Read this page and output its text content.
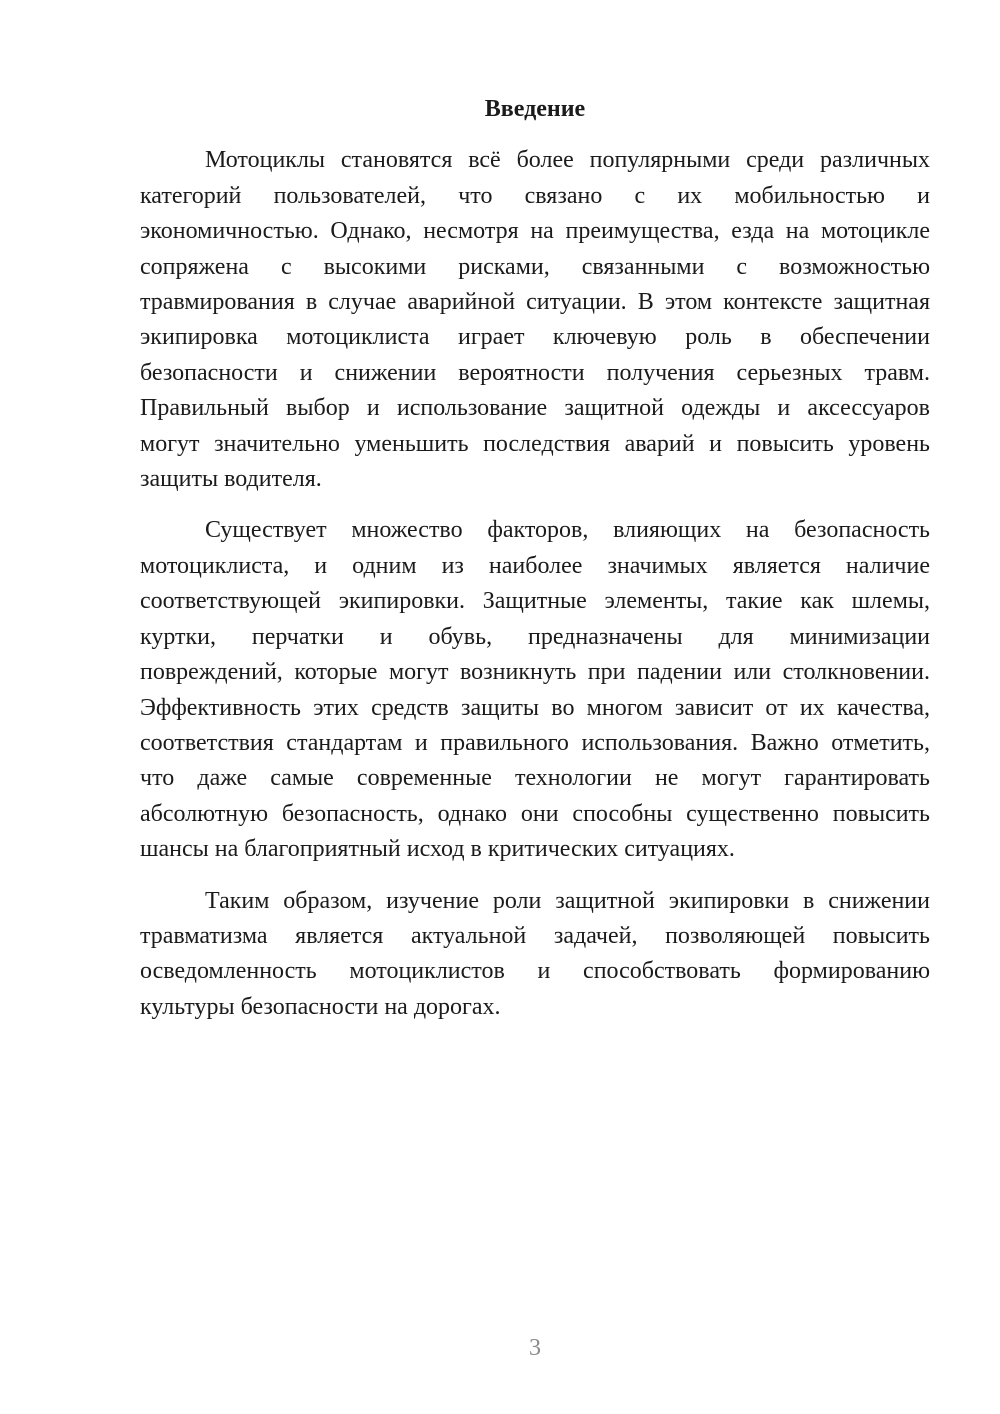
Введение
Мотоциклы становятся всё более популярными среди различных
категорий пользователей, что связано с их мобильностью и
экономичностью. Однако, несмотря на преимущества, езда на мотоцикле
сопряжена с высокими рисками, связанными с возможностью
травмирования в случае аварийной ситуации. В этом контексте защитная
экипировка мотоциклиста играет ключевую роль в обеспечении
безопасности и снижении вероятности получения серьезных травм.
Правильный выбор и использование защитной одежды и аксессуаров
могут значительно уменьшить последствия аварий и повысить уровень
защиты водителя.
Существует множество факторов, влияющих на безопасность
мотоциклиста, и одним из наиболее значимых является наличие
соответствующей экипировки. Защитные элементы, такие как шлемы,
куртки, перчатки и обувь, предназначены для минимизации
повреждений, которые могут возникнуть при падении или столкновении.
Эффективность этих средств защиты во многом зависит от их качества,
соответствия стандартам и правильного использования. Важно отметить,
что даже самые современные технологии не могут гарантировать
абсолютную безопасность, однако они способны существенно повысить
шансы на благоприятный исход в критических ситуациях.
Таким образом, изучение роли защитной экипировки в снижении
травматизма является актуальной задачей, позволяющей повысить
осведомленность мотоциклистов и способствовать формированию
культуры безопасности на дорогах.
3
